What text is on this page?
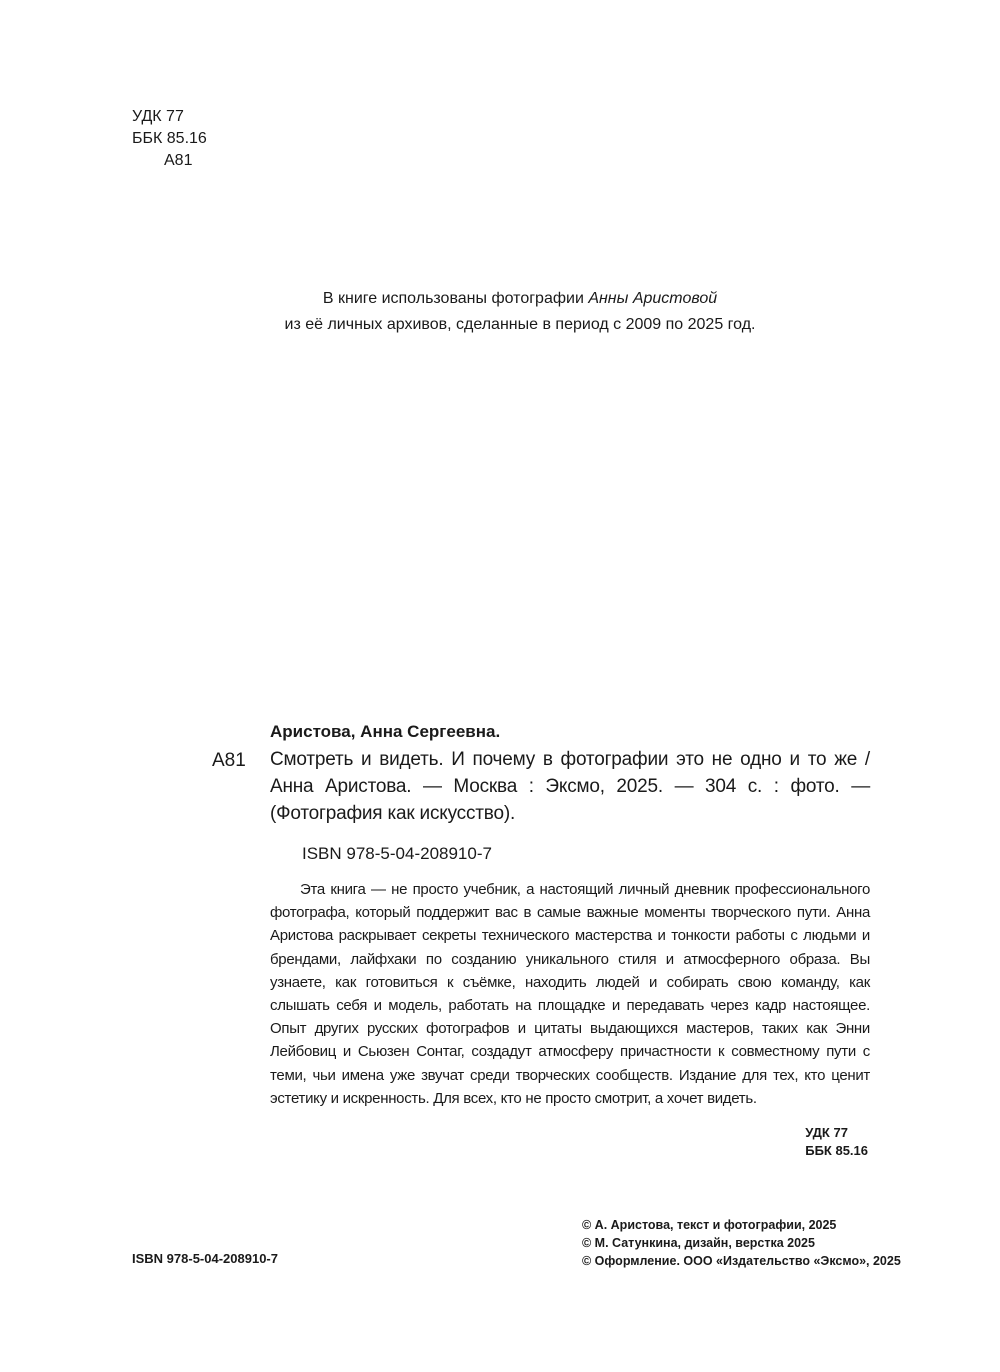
УДК 77
ББК 85.16
А81
В книге использованы фотографии Анны Аристовой
из её личных архивов, сделанные в период с 2009 по 2025 год.
Аристова, Анна Сергеевна.
А81 Смотреть и видеть. И почему в фотографии это не одно и то же / Анна Аристова. — Москва : Эксмо, 2025. — 304 с. : фото. — (Фотография как искусство).
ISBN 978-5-04-208910-7
Эта книга — не просто учебник, а настоящий личный дневник профессионального фотографа, который поддержит вас в самые важные моменты творческого пути. Анна Аристова раскрывает секреты технического мастерства и тонкости работы с людьми и брендами, лайфхаки по созданию уникального стиля и атмосферного образа. Вы узнаете, как готовиться к съёмке, находить людей и собирать свою команду, как слышать себя и модель, работать на площадке и передавать через кадр настоящее. Опыт других русских фотографов и цитаты выдающихся мастеров, таких как Энни Лейбовиц и Сьюзен Сонтаг, создадут атмосферу причастности к совместному пути с теми, чьи имена уже звучат среди творческих сообществ. Издание для тех, кто ценит эстетику и искренность. Для всех, кто не просто смотрит, а хочет видеть.
УДК 77
ББК 85.16
© А. Аристова, текст и фотографии, 2025
© М. Сатункина, дизайн, верстка 2025
© Оформление. ООО «Издательство «Эксмо», 2025
ISBN 978-5-04-208910-7
